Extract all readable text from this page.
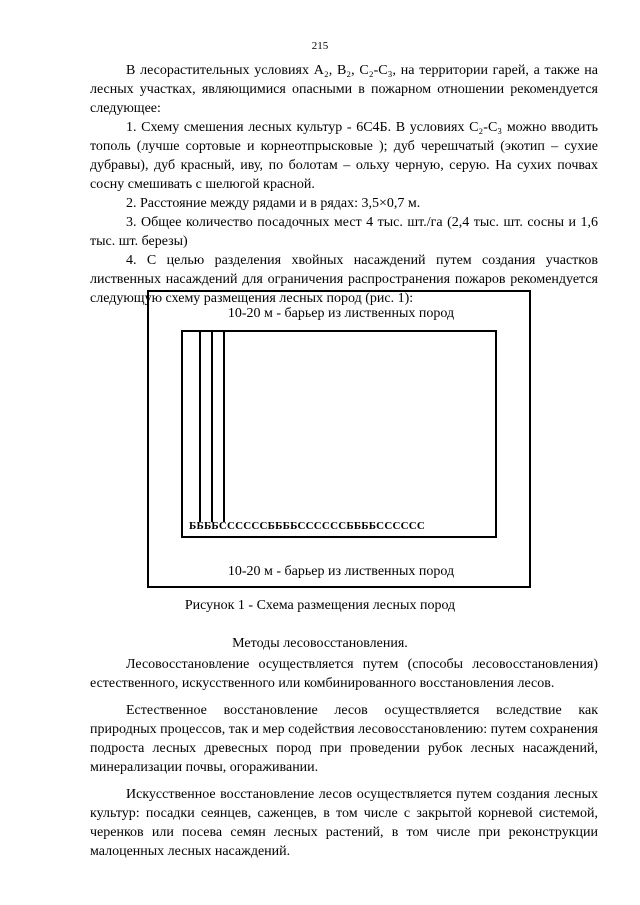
215

В лесорастительных условиях A₂, B₂, C₂-C₃, на территории гарей, а также на лесных участках, являющимися опасными в пожарном отношении рекомендуется следующее:

1. Схему смешения лесных культур - 6С4Б. В условиях C₂-C₃ можно вводить тополь (лучше сортовые и корнеотпрысковые ); дуб черешчатый (экотип – сухие дубравы), дуб красный, иву, по болотам – ольху черную, серую. На сухих почвах сосну смешивать с шелюгой красной.

2. Расстояние между рядами и в рядах: 3,5×0,7 м.

3. Общее количество посадочных мест 4 тыс. шт./га (2,4 тыс. шт. сосны и 1,6 тыс. шт. березы)

4. С целью разделения хвойных насаждений путем создания участков лиственных насаждений для ограничения распространения пожаров рекомендуется следующую схему размещения лесных пород (рис. 1):

10-20 м - барьер из лиственных пород
ББББСССССCББББСССССCББББСССССC
10-20 м - барьер из лиственных пород
Рисунок 1 - Схема размещения лесных пород
Методы лесовосстановления.

Лесовосстановление осуществляется путем (способы лесовосстановления) естественного, искусственного или комбинированного восстановления лесов.

Естественное восстановление лесов осуществляется вследствие как природных процессов, так и мер содействия лесовосстановлению: путем сохранения подроста лесных древесных пород при проведении рубок лесных насаждений, минерализации почвы, огораживании.

Искусственное восстановление лесов осуществляется путем создания лесных культур: посадки сеянцев, саженцев, в том числе с закрытой корневой системой, черенков или посева семян лесных растений, в том числе при реконструкции малоценных лесных насаждений.
